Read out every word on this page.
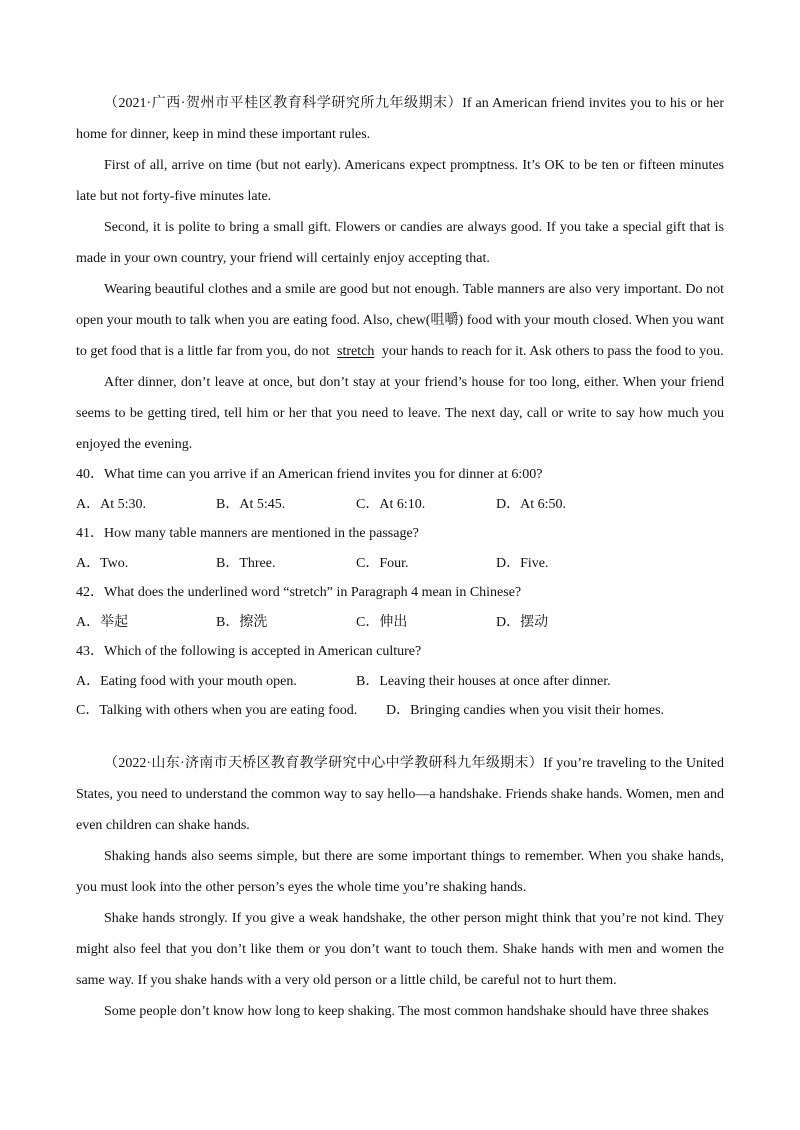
（2021·广西·贺州市平桂区教育科学研究所九年级期末）If an American friend invites you to his or her home for dinner, keep in mind these important rules.

First of all, arrive on time (but not early). Americans expect promptness. It’s OK to be ten or fifteen minutes late but not forty-five minutes late.

Second, it is polite to bring a small gift. Flowers or candies are always good. If you take a special gift that is made in your own country, your friend will certainly enjoy accepting that.

Wearing beautiful clothes and a smile are good but not enough. Table manners are also very important. Do not open your mouth to talk when you are eating food. Also, chew(咀嚼) food with your mouth closed. When you want to get food that is a little far from you, do not stretch your hands to reach for it. Ask others to pass the food to you.

After dinner, don’t leave at once, but don’t stay at your friend’s house for too long, either. When your friend seems to be getting tired, tell him or her that you need to leave. The next day, call or write to say how much you enjoyed the evening.

40．What time can you arrive if an American friend invites you for dinner at 6:00?

A．At 5:30.	B．At 5:45.	C．At 6:10.	D．At 6:50.

41．How many table manners are mentioned in the passage?

A．Two.	B．Three.	C．Four.	D．Five.

42．What does the underlined word “stretch” in Paragraph 4 mean in Chinese?

A．举起	B．擦洗	C．伸出	D．摆动

43．Which of the following is accepted in American culture?

A．Eating food with your mouth open.	B．Leaving their houses at once after dinner.
C．Talking with others when you are eating food.	D．Bringing candies when you visit their homes.

（2022·山东·济南市天桥区教育教学研究中心中学教研科九年级期末）If you’re traveling to the United States, you need to understand the common way to say hello—a handshake. Friends shake hands. Women, men and even children can shake hands.

Shaking hands also seems simple, but there are some important things to remember. When you shake hands, you must look into the other person’s eyes the whole time you’re shaking hands.

Shake hands strongly. If you give a weak handshake, the other person might think that you’re not kind. They might also feel that you don’t like them or you don’t want to touch them. Shake hands with men and women the same way. If you shake hands with a very old person or a little child, be careful not to hurt them.

Some people don’t know how long to keep shaking. The most common handshake should have three shakes
